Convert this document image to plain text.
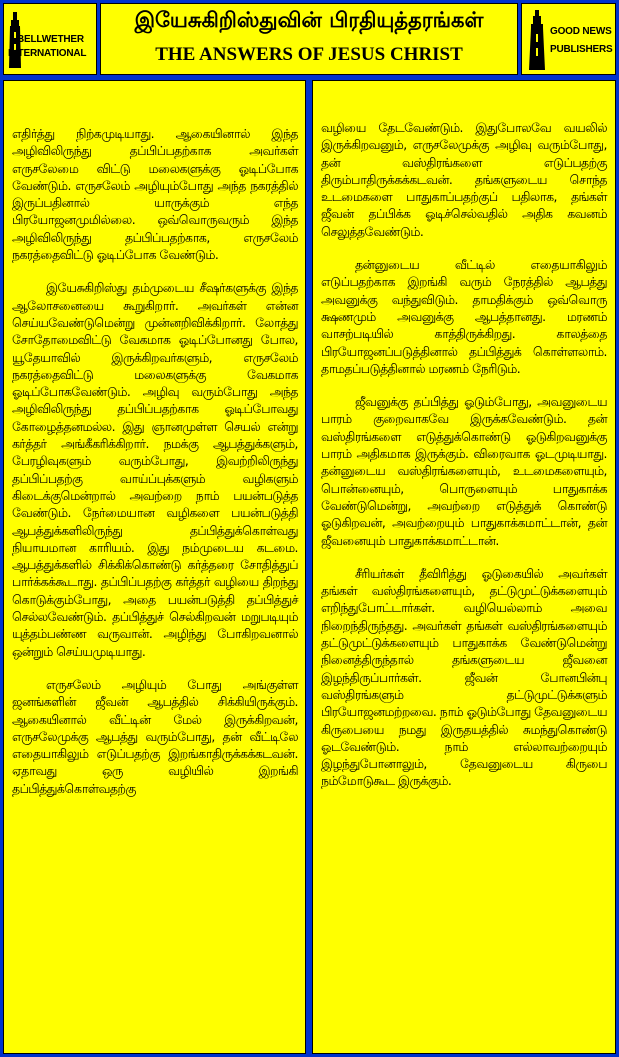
BELLWETHER
INTERNATIONAL
இயேசுகிறிஸ்துவின் பிரதியுத்தரங்கள்
THE ANSWERS OF JESUS CHRIST
GOOD NEWS
PUBLISHERS

எதிர்த்து நிற்கமுடியாது. ஆகையினால் இந்த அழிவிலிருந்து தப்பிப்பதற்காக அவர்கள் எருசலேமை விட்டு மலைகளுக்கு ஓடிப்போக வேண்டும். எருசலேம் அழியும்போது அந்த நகரத்தில் இருப்பதினால் யாருக்கும் எந்த பிரயோஜனமுமில்லை. ஒவ்வொருவரும் இந்த அழிவிலிருந்து தப்பிப்பதற்காக, எருசலேம் நகரத்தைவிட்டு ஓடிப்போக வேண்டும்.

இயேசுகிறிஸ்து தம்முடைய சீஷர்களுக்கு இந்த ஆலோசனையை கூறுகிறார். அவர்கள் என்ன செய்யவேண்டுமென்று முன்னறிவிக்கிறார். லோத்து சோதோமைவிட்டு வேகமாக ஓடிப்போனது போல, யூதேயாவில் இருக்கிறவர்களும், எருசலேம் நகரத்தைவிட்டு மலைகளுக்கு வேகமாக ஓடிப்போகவேண்டும். அழிவு வரும்போது அந்த அழிவிலிருந்து தப்பிப்பதற்காக ஓடிப்போவது கோழைத்தனமல்ல. இது ஞானமுள்ள செயல் என்று கர்த்தர் அங்கீகரிக்கிறார். நமக்கு ஆபத்துக்களும், பேரழிவுகளும் வரும்போது, இவற்றிலிருந்து தப்பிப்பதற்கு வாய்ப்புக்களும் வழிகளும் கிடைக்குமென்றால் அவற்றை நாம் பயன்படுத்த வேண்டும். நேர்மையான வழிகளை பயன்படுத்தி ஆபத்துக்களிலிருந்து தப்பித்துக்கொள்வது நியாயமான காரியம். இது நம்முடைய கடமை. ஆபத்துக்களில் சிக்கிக்கொண்டு கர்த்தரை சோதித்துப் பார்க்கக்கூடாது. தப்பிப்பதற்கு கர்த்தர் வழியை திறந்து கொடுக்கும்போது, அதை பயன்படுத்தி தப்பித்துச் செல்லவேண்டும். தப்பித்துச் செல்கிறவன் மறுபடியும் யுத்தம்பண்ண வருவான். அழிந்து போகிறவனால் ஒன்றும் செய்யமுடியாது.

எருசலேம் அழியும் போது அங்குள்ள ஜனங்களின் ஜீவன் ஆபத்தில் சிக்கியிருக்கும். ஆகையினால் வீட்டின் மேல் இருக்கிறவன், எருசலேமுக்கு ஆபத்து வரும்போது, தன் வீட்டிலே எதையாகிலும் எடுப்பதற்கு இறங்காதிருக்கக்கடவன். ஏதாவது ஒரு வழியில் இறங்கி தப்பித்துக்கொள்வதற்கு

வழியை தேடவேண்டும். இதுபோலவே வயலில் இருக்கிறவனும், எருசலேமுக்கு அழிவு வரும்போது, தன் வஸ்திரங்களை எடுப்பதற்கு திரும்பாதிருக்கக்கடவன். தங்களுடைய சொந்த உடமைகளை பாதுகாப்பதற்குப் பதிலாக, தங்கள் ஜீவன் தப்பிக்க ஓடிச்செல்வதில் அதிக கவனம் செலுத்தவேண்டும்.

தன்னுடைய வீட்டில் எதையாகிலும் எடுப்பதற்காக இறங்கி வரும் நேரத்தில் ஆபத்து அவனுக்கு வந்துவிடும். தாமதிக்கும் ஒவ்வொரு க்ஷணமும் அவனுக்கு ஆபத்தானது. மரணம் வாசற்படியில் காத்திருக்கிறது. காலத்தை பிரயோஜனப்படுத்தினால் தப்பித்துக் கொள்ளலாம். தாமதப்படுத்தினால் மரணம் நேரிடும்.

ஜீவனுக்கு தப்பித்து ஓடும்போது, அவனுடைய பாரம் குறைவாகவே இருக்கவேண்டும். தன் வஸ்திரங்களை எடுத்துக்கொண்டு ஓடுகிறவனுக்கு பாரம் அதிகமாக இருக்கும். விரைவாக ஓடமுடியாது. தன்னுடைய வஸ்திரங்களையும், உடமைகளையும், பொன்னையும், பொருளையும் பாதுகாக்க வேண்டுமென்று, அவற்றை எடுத்துக் கொண்டு ஓடுகிறவன், அவற்றையும் பாதுகாக்கமாட்டான், தன் ஜீவனையும் பாதுகாக்கமாட்டான்.

சீரியர்கள் தீவிரித்து ஓடுகையில் அவர்கள் தங்கள் வஸ்திரங்களையும், தட்டுமுட்டுக்களையும் எறிந்துபோட்டார்கள். வழியெல்லாம் அவை நிறைந்திருந்தது. அவர்கள் தங்கள் வஸ்திரங்களையும் தட்டுமுட்டுக்களையும் பாதுகாக்க வேண்டுமென்று நினைத்திருந்தால் தங்களுடைய ஜீவனை இழந்திருப்பார்கள். ஜீவன் போனபின்பு வஸ்திரங்களும் தட்டுமுட்டுக்களும் பிரயோஜனமற்றவை. நாம் ஓடும்போது தேவனுடைய கிருபையை நமது இருதயத்தில் சுமந்துகொண்டு ஓடவேண்டும். நாம் எல்லாவற்றையும் இழந்துபோனாலும், தேவனுடைய கிருபை நம்மோடுகூட இருக்கும்.
